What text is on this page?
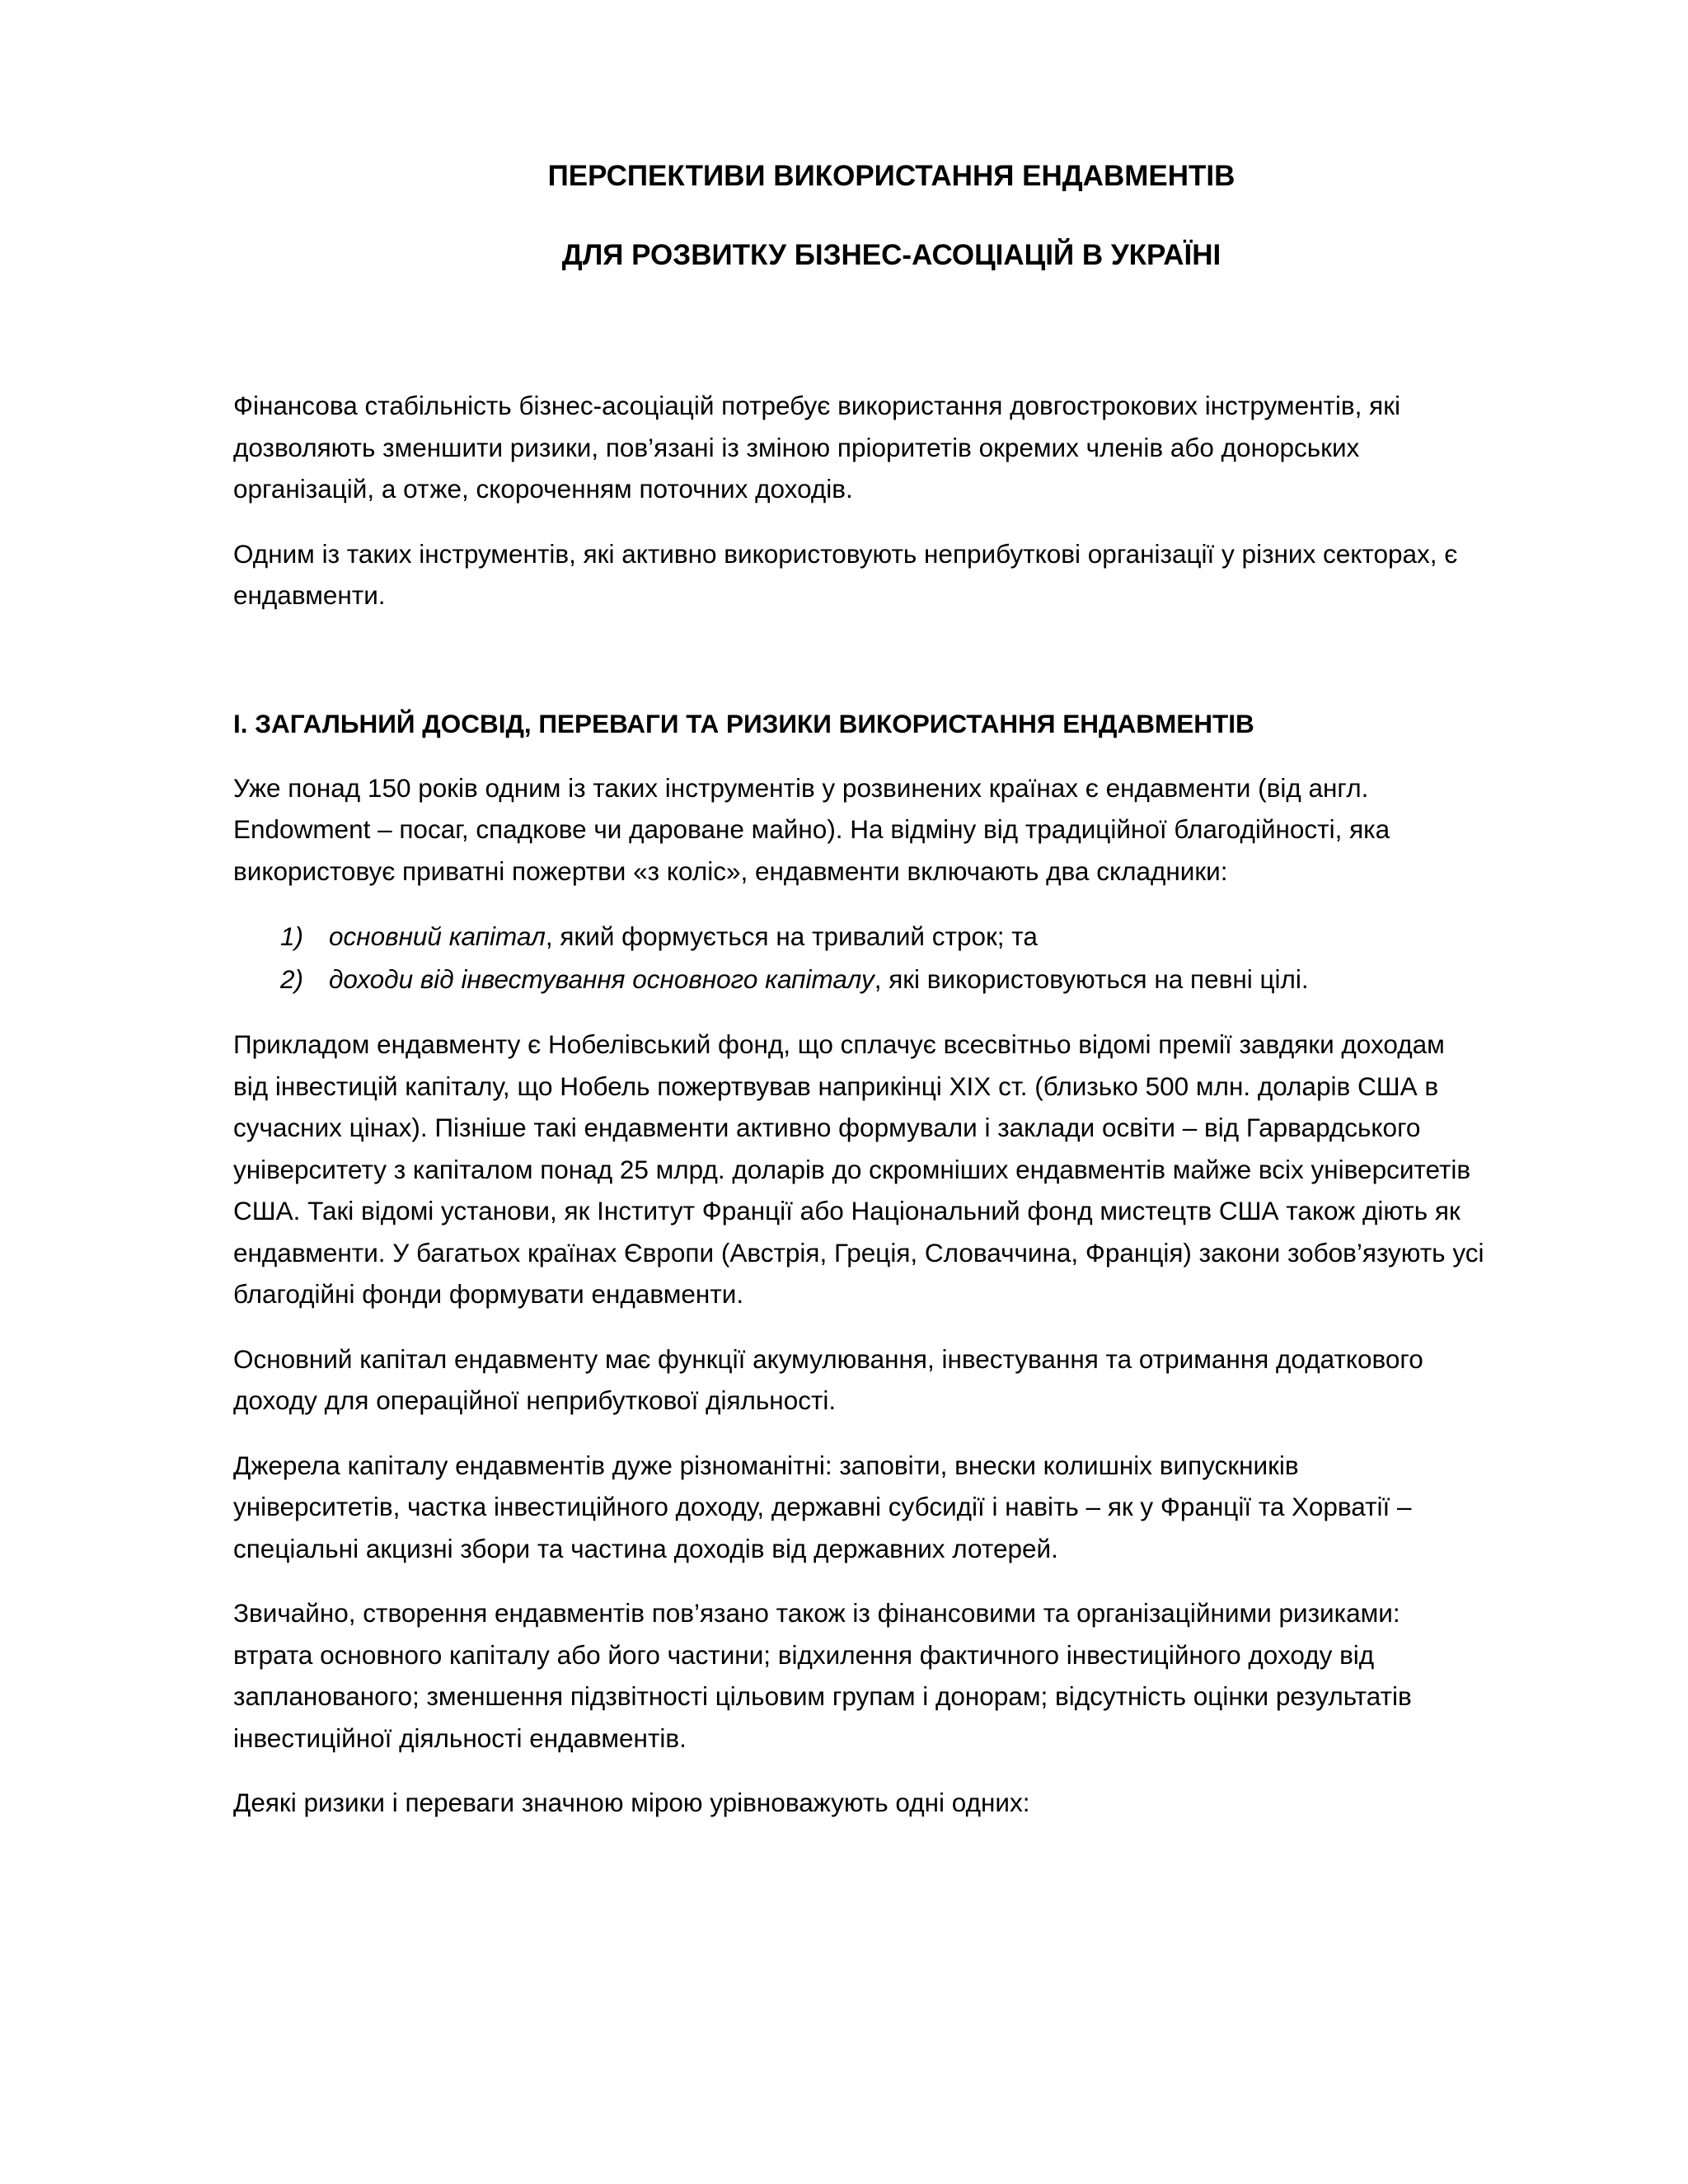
ПЕРСПЕКТИВИ ВИКОРИСТАННЯ ЕНДАВМЕНТІВ
ДЛЯ РОЗВИТКУ БІЗНЕС-АСОЦІАЦІЙ В УКРАЇНІ

Фінансова стабільність бізнес-асоціацій потребує використання довгострокових інструментів, які
дозволяють зменшити ризики, пов’язані із зміною пріоритетів окремих членів або донорських
організацій, а отже, скороченням поточних доходів.

Одним із таких інструментів, які активно використовують неприбуткові організації у різних секторах, є
ендавменти.

І. ЗАГАЛЬНИЙ ДОСВІД, ПЕРЕВАГИ ТА РИЗИКИ ВИКОРИСТАННЯ ЕНДАВМЕНТІВ

Уже понад 150 років одним із таких інструментів у розвинених країнах є ендавменти (від англ.
Endowment – посаг, спадкове чи дароване майно). На відміну від традиційної благодійності, яка
використовує приватні пожертви «з коліс», ендавменти включають два складники:

1) основний капітал, який формується на тривалий строк; та
2) доходи від інвестування основного капіталу, які використовуються на певні цілі.

Прикладом ендавменту є Нобелівський фонд, що сплачує всесвітньо відомі премії завдяки доходам
від інвестицій капіталу, що Нобель пожертвував наприкінці ХІХ ст. (близько 500 млн. доларів США в
сучасних цінах). Пізніше такі ендавменти активно формували і заклади освіти – від Гарвардського
університету з капіталом понад 25 млрд. доларів до скромніших ендавментів майже всіх університетів
США. Такі відомі установи, як Інститут Франції або Національний фонд мистецтв США також діють як
ендавменти. У багатьох країнах Європи (Австрія, Греція, Словаччина, Франція) закони зобов’язують усі
благодійні фонди формувати ендавменти.

Основний капітал ендавменту має функції акумулювання, інвестування та отримання додаткового
доходу для операційної неприбуткової діяльності.

Джерела капіталу ендавментів дуже різноманітні: заповіти, внески колишніх випускників
університетів, частка інвестиційного доходу, державні субсидії і навіть – як у Франції та Хорватії –
спеціальні акцизні збори та частина доходів від державних лотерей.

Звичайно, створення ендавментів пов’язано також із фінансовими та організаційними ризиками:
втрата основного капіталу або його частини; відхилення фактичного інвестиційного доходу від
запланованого; зменшення підзвітності цільовим групам і донорам; відсутність оцінки результатів
інвестиційної діяльності ендавментів.

Деякі ризики і переваги значною мірою урівноважують одні одних:
